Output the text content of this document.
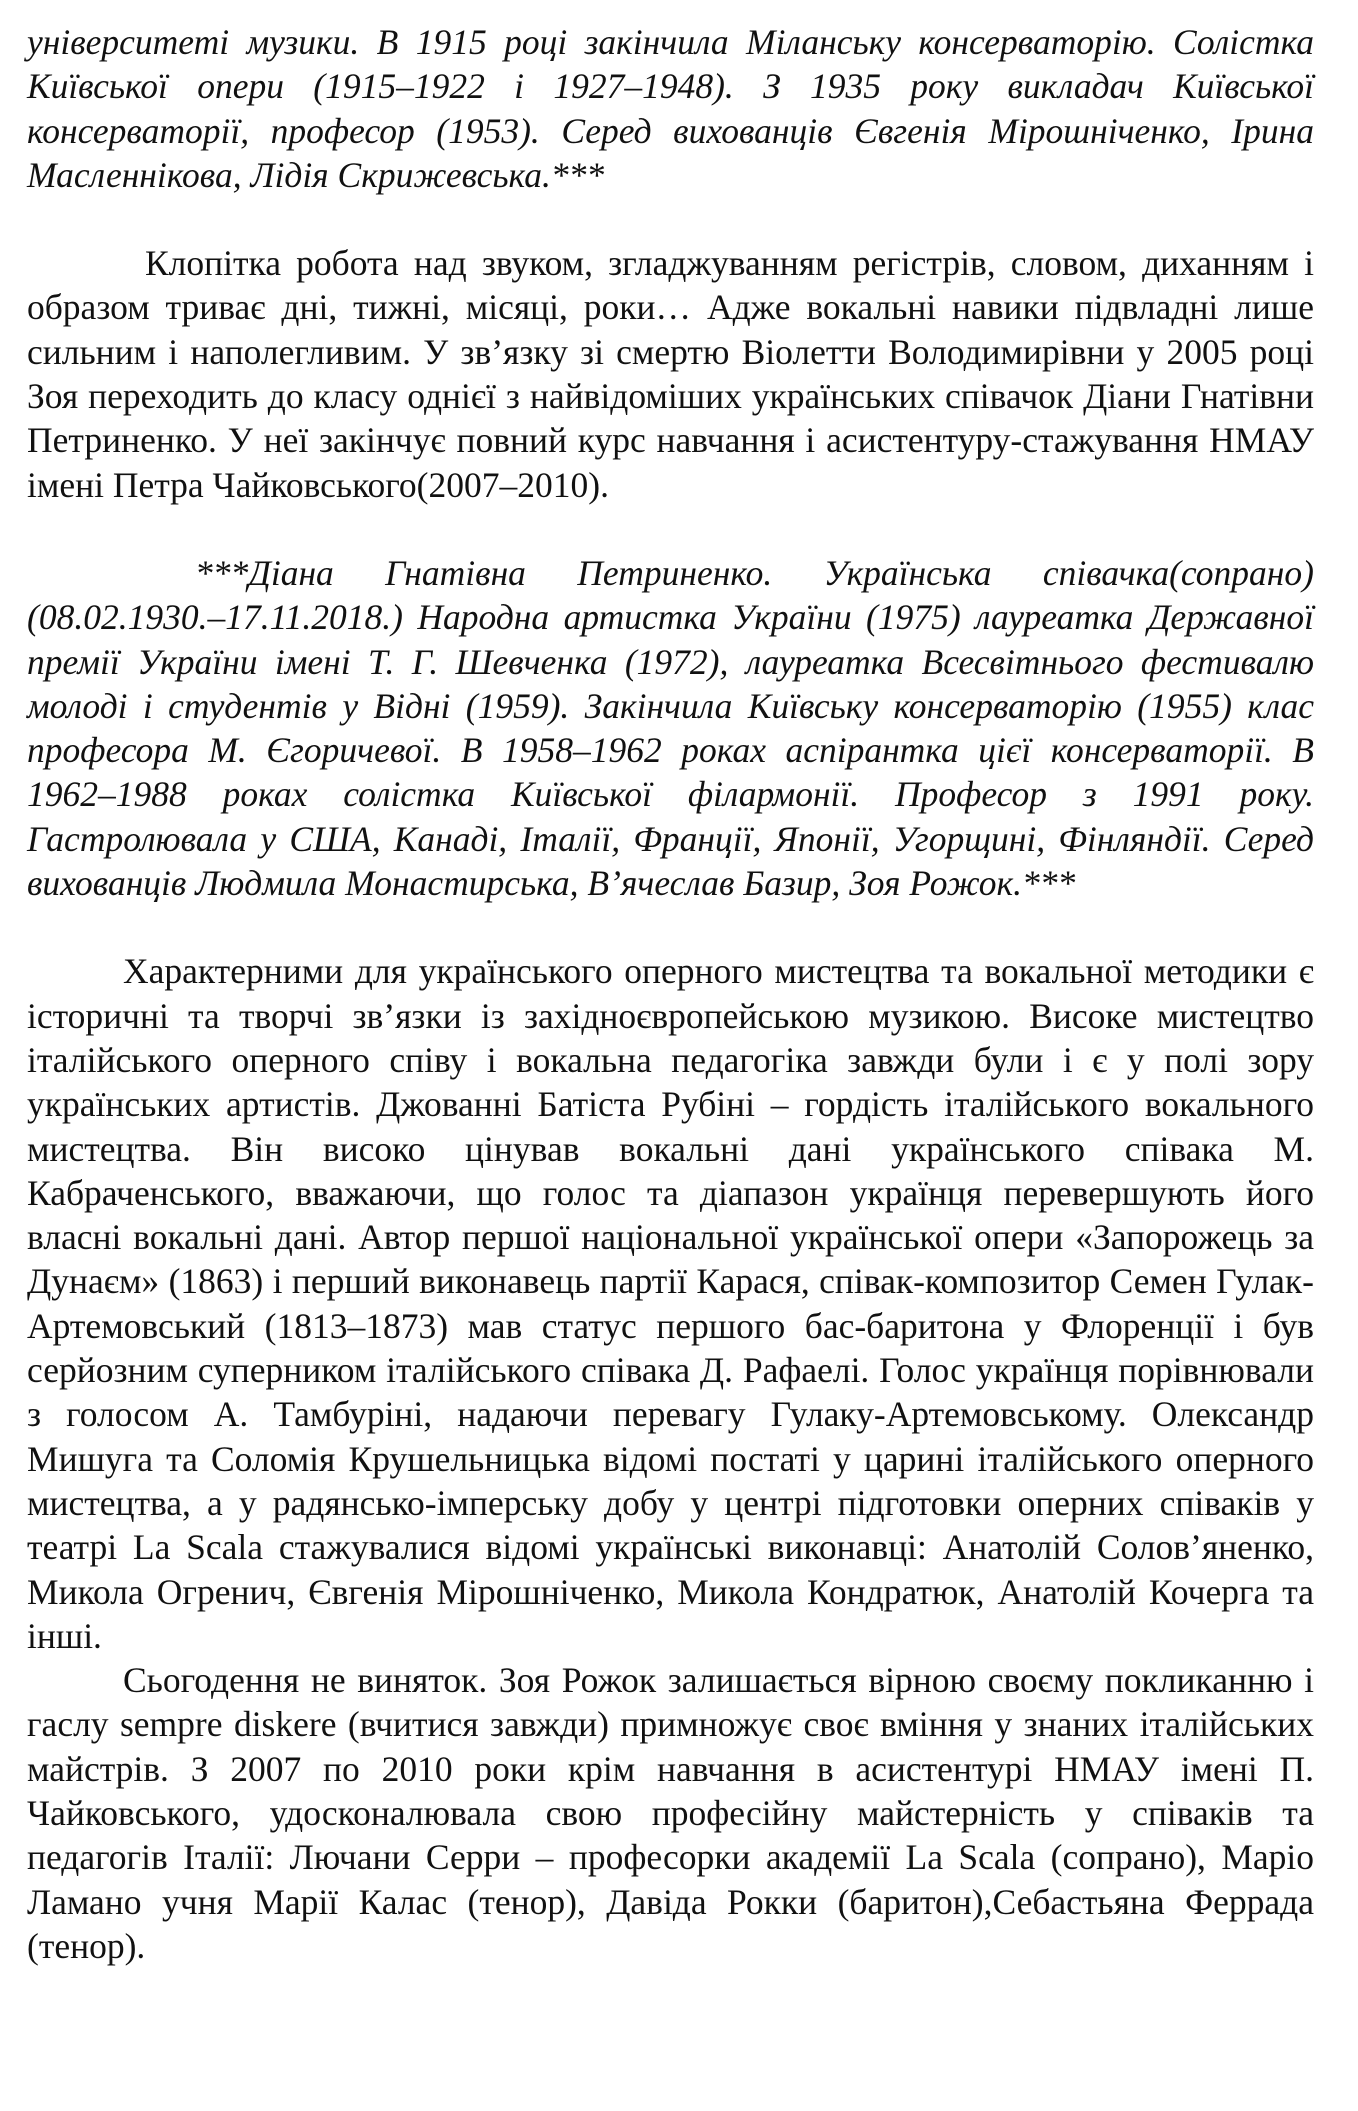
університеті музики. В 1915 році закінчила Міланську консерваторію. Солістка Київської опери (1915–1922 і 1927–1948). З 1935 року викладач Київської консерваторії, професор (1953). Серед вихованців Євгенія Мірошніченко, Ірина Масленнікова, Лідія Скрижевська.***

Клопітка робота над звуком, згладжуванням регістрів, словом, диханням і образом триває дні, тижні, місяці, роки… Адже вокальні навики підвладні лише сильним і наполегливим. У зв’язку зі смертю Віолетти Володимирівни у 2005 році Зоя переходить до класу однієї з найвідоміших українських співачок Діани Гнатівни Петриненко. У неї закінчує повний курс навчання і асистентуру-стажування НМАУ імені Петра Чайковського(2007–2010).

***Діана Гнатівна Петриненко. Українська співачка(сопрано) (08.02.1930.–17.11.2018.) Народна артистка України (1975) лауреатка Державної премії України імені Т. Г. Шевченка (1972), лауреатка Всесвітнього фестивалю молоді і студентів у Відні (1959). Закінчила Київську консерваторію (1955) клас професора М. Єгоричевої. В 1958–1962 роках аспірантка цієї консерваторії. В 1962–1988 роках солістка Київської філармонії. Професор з 1991 року. Гастролювала у США, Канаді, Італії, Франції, Японії, Угорщині, Фінляндії. Серед вихованців Людмила Монастирська, В’ячеслав Базир, Зоя Рожок.***

Характерними для українського оперного мистецтва та вокальної методики є історичні та творчі зв’язки із західноєвропейською музикою. Високе мистецтво італійського оперного співу і вокальна педагогіка завжди були і є у полі зору українських артистів. Джованні Батіста Рубіні – гордість італійського вокального мистецтва. Він високо цінував вокальні дані українського співака М. Кабраченського, вважаючи, що голос та діапазон українця перевершують його власні вокальні дані. Автор першої національної української опери «Запорожець за Дунаєм» (1863) і перший виконавець партії Карася, співак-композитор Семен Гулак-Артемовський (1813–1873) мав статус першого бас-баритона у Флоренції і був серйозним суперником італійського співака Д. Рафаелі. Голос українця порівнювали з голосом А. Тамбуріні, надаючи перевагу Гулаку-Артемовському. Олександр Мишуга та Соломія Крушельницька відомі постаті у царині італійського оперного мистецтва, а у радянсько-імперську добу у центрі підготовки оперних співаків у театрі La Scala стажувалися відомі українські виконавці: Анатолій Солов’яненко, Микола Огренич, Євгенія Мірошніченко, Микола Кондратюк, Анатолій Кочерга та інші.

Сьогодення не виняток. Зоя Рожок залишається вірною своєму покликанню і гаслу sempre diskere (вчитися завжди) примножує своє вміння у знаних італійських майстрів. З 2007 по 2010 роки крім навчання в асистентурі НМАУ імені П. Чайковського, удосконалювала свою професійну майстерність у співаків та педагогів Італії: Лючани Серри – професорки академії La Scala (сопрано), Маріо Ламано учня Марії Калас (тенор), Давіда Рокки (баритон),Себастьяна Феррада (тенор).
